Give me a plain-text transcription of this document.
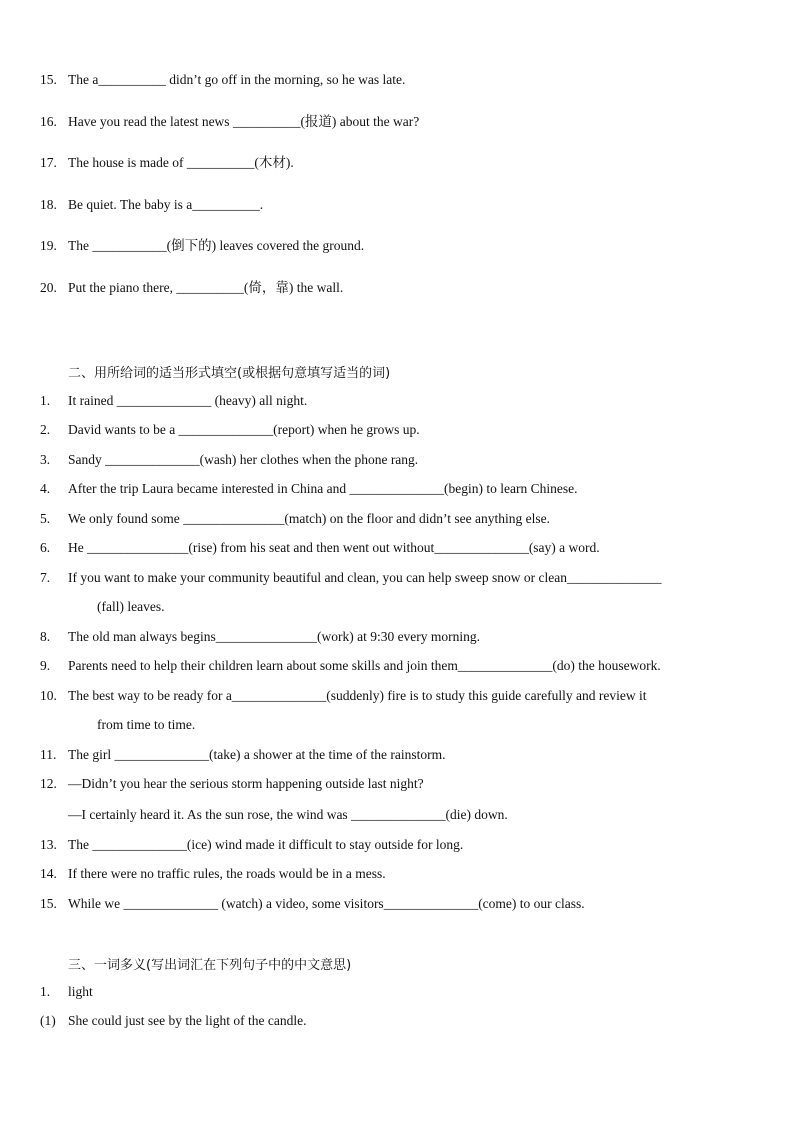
15. The a__________ didn’t go off in the morning, so he was late.
16. Have you read the latest news __________(报道) about the war?
17. The house is made of __________(木材).
18. Be quiet. The baby is a__________.
19. The ___________(倒下的) leaves covered the ground.
20. Put the piano there, __________(倚，靠) the wall.
二、用所给词的适当形式填空(或根据句意填写适当的词)
1. It rained ______________ (heavy) all night.
2. David wants to be a ______________(report) when he grows up.
3. Sandy ______________(wash) her clothes when the phone rang.
4. After the trip Laura became interested in China and ______________(begin) to learn Chinese.
5. We only found some _______________(match) on the floor and didn’t see anything else.
6. He _______________(rise) from his seat and then went out without______________(say) a word.
7. If you want to make your community beautiful and clean, you can help sweep snow or clean______________
(fall) leaves.
8. The old man always begins_______________(work) at 9:30 every morning.
9. Parents need to help their children learn about some skills and join them______________(do) the housework.
10. The best way to be ready for a______________(suddenly) fire is to study this guide carefully and review it
from time to time.
11. The girl ______________(take) a shower at the time of the rainstorm.
12. —Didn’t you hear the serious storm happening outside last night?
—I certainly heard it. As the sun rose, the wind was ______________(die) down.
13. The ______________(ice) wind made it difficult to stay outside for long.
14. If there were no traffic rules, the roads would be in a mess.
15. While we ______________ (watch) a video, some visitors______________(come) to our class.
三、一词多义(写出词汇在下列句子中的中文意思)
1. light
(1) She could just see by the light of the candle.
